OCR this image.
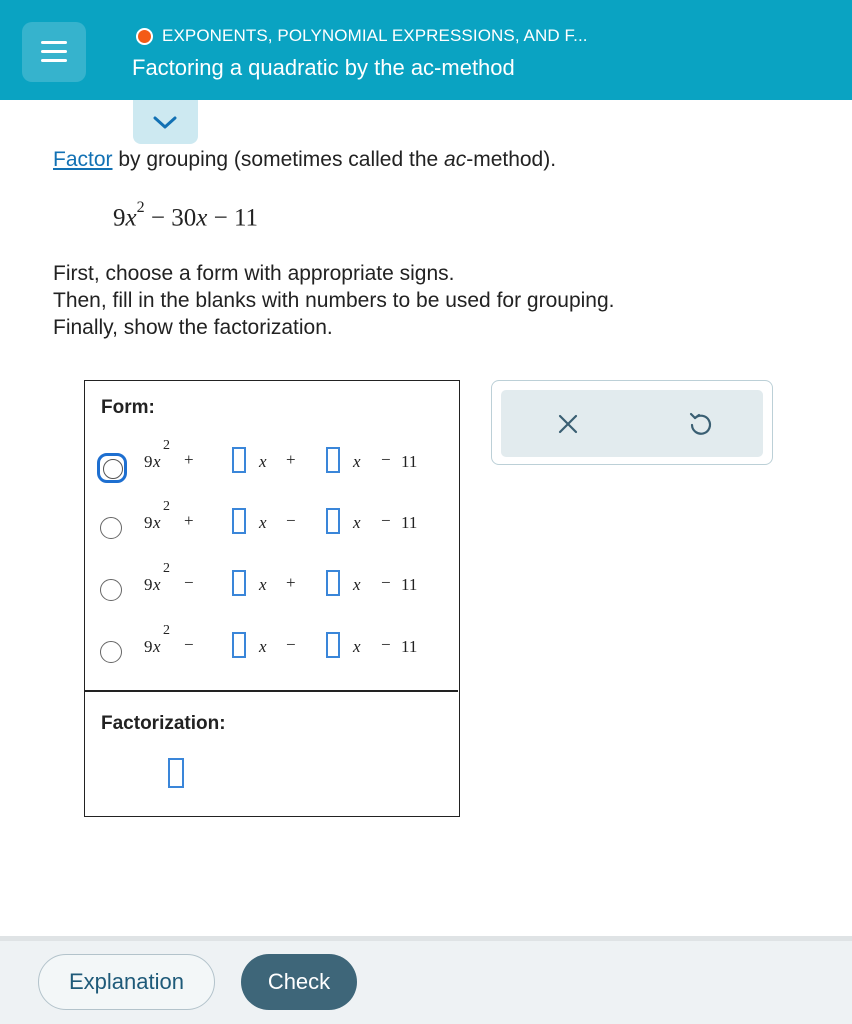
EXPONENTS, POLYNOMIAL EXPRESSIONS, AND F...
Factoring a quadratic by the ac-method
Factor by grouping (sometimes called the ac-method).
$9x^2 - 30x - 11$
First, choose a form with appropriate signs.
Then, fill in the blanks with numbers to be used for grouping.
Finally, show the factorization.
Form:
9 x
2
+	x +	x − 11
9 x
2
+	x −	x − 11
9 x
2
−	x +	x − 11
9 x
2
−	x −	x − 11
Factorization:
Explanation	Check
